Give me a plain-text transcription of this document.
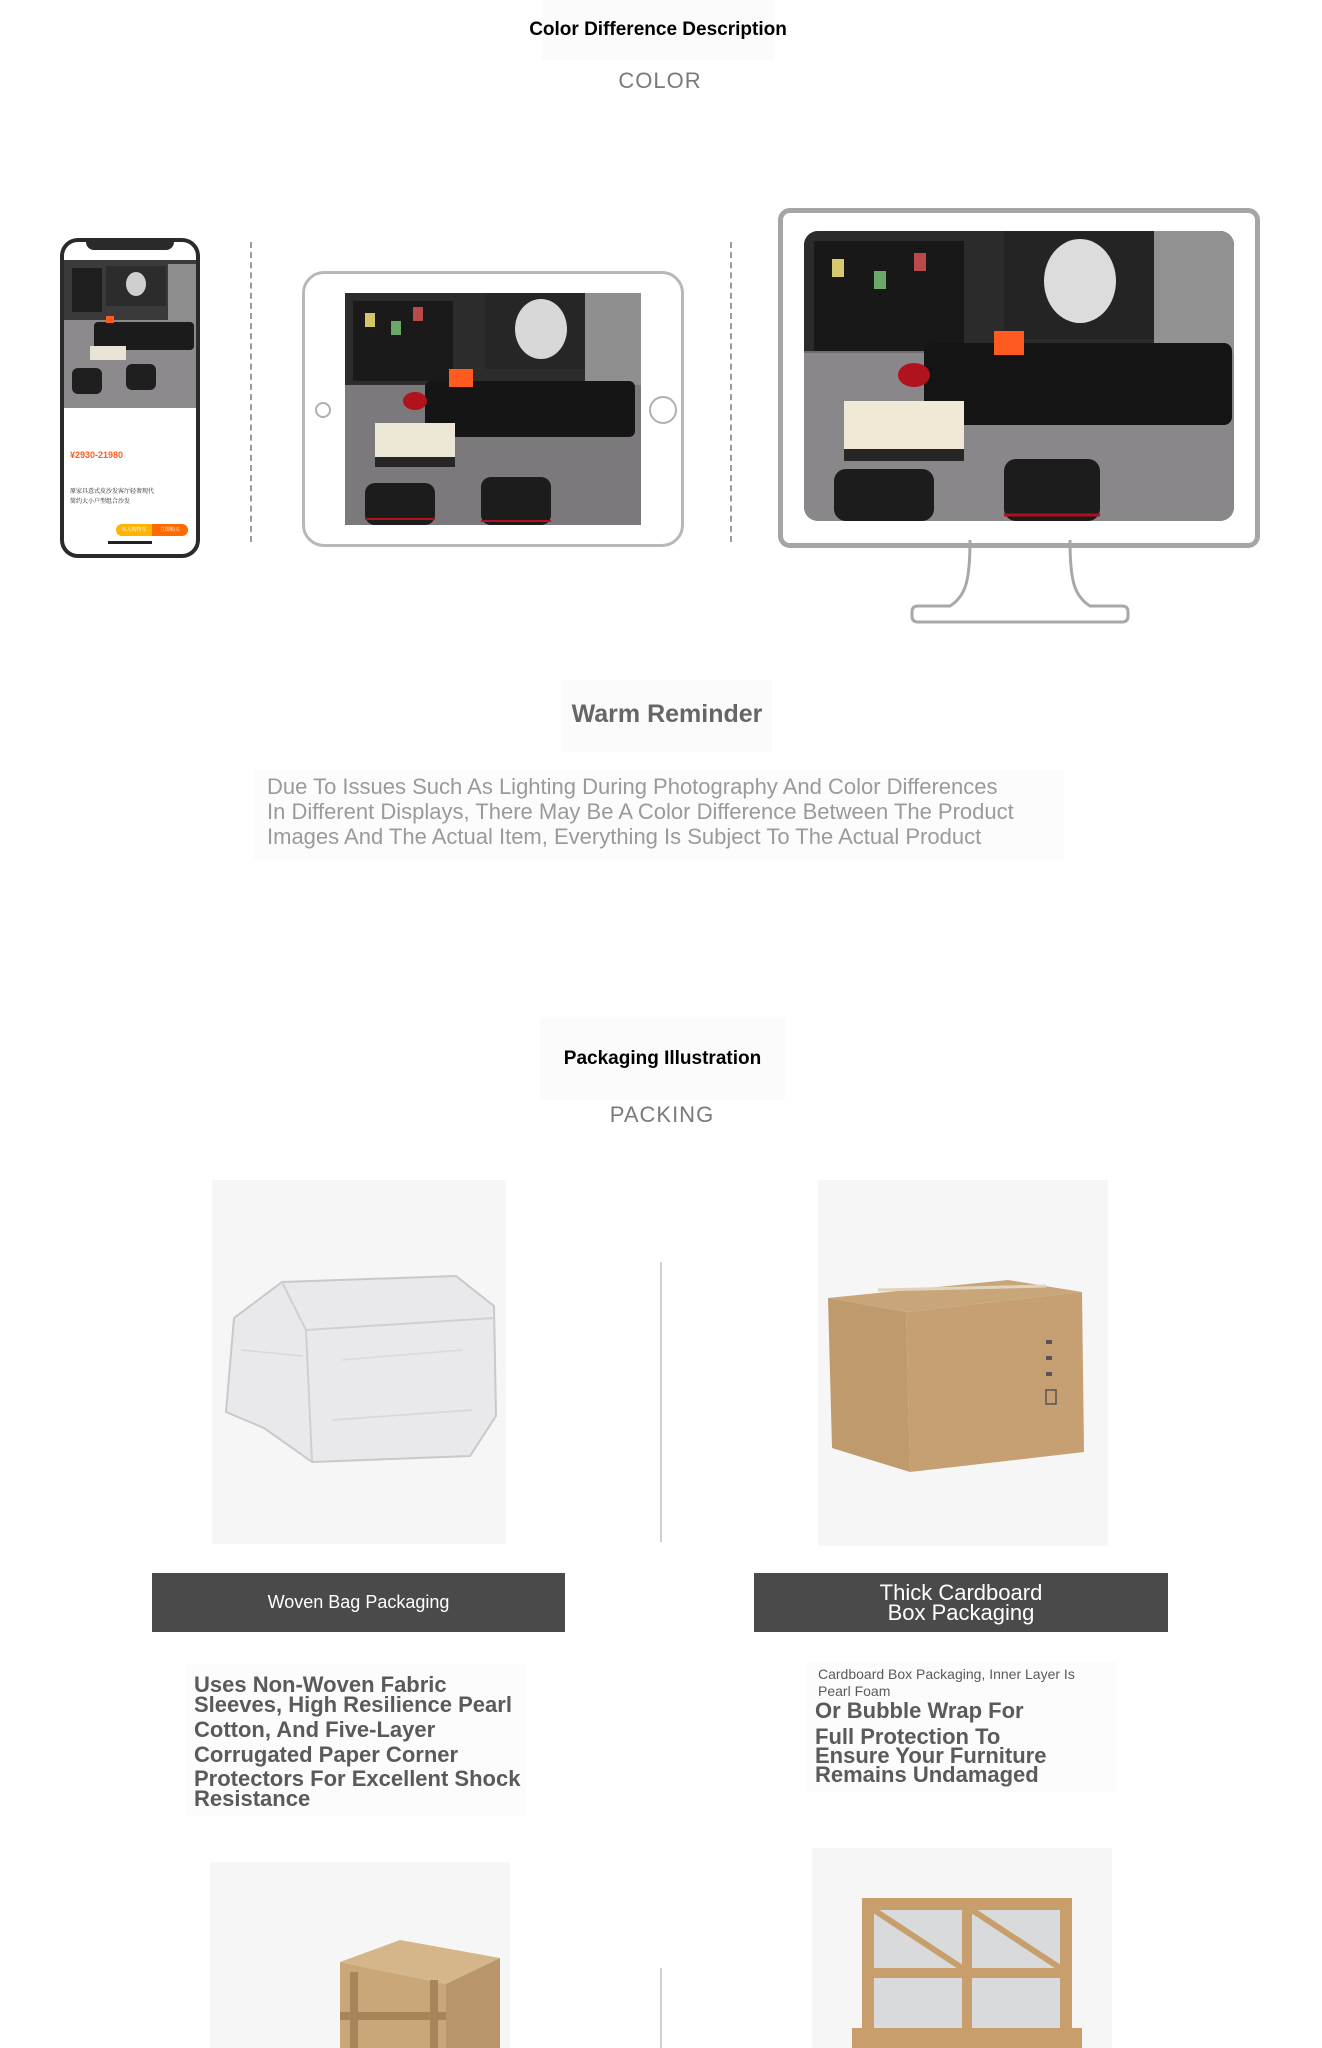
Color Difference Description
COLOR
¥2930-21980
原家具意式皮沙发客厅轻奢现代
简约大小户型组合沙发
加入购物车	立即购买
Warm Reminder
Due To Issues Such As Lighting During Photography And Color Differences
In Different Displays, There May Be A Color Difference Between The Product
Images And The Actual Item, Everything Is Subject To The Actual Product
Packaging Illustration
PACKING
Woven Bag Packaging	Thick Cardboard
Box Packaging
Uses Non-Woven Fabric
Sleeves, High Resilience Pearl
Cotton, And Five-Layer
Corrugated Paper Corner
Protectors For Excellent Shock
Resistance
Cardboard Box Packaging, Inner Layer Is
Pearl Foam
Or Bubble Wrap For
Full Protection To
Ensure Your Furniture
Remains Undamaged
